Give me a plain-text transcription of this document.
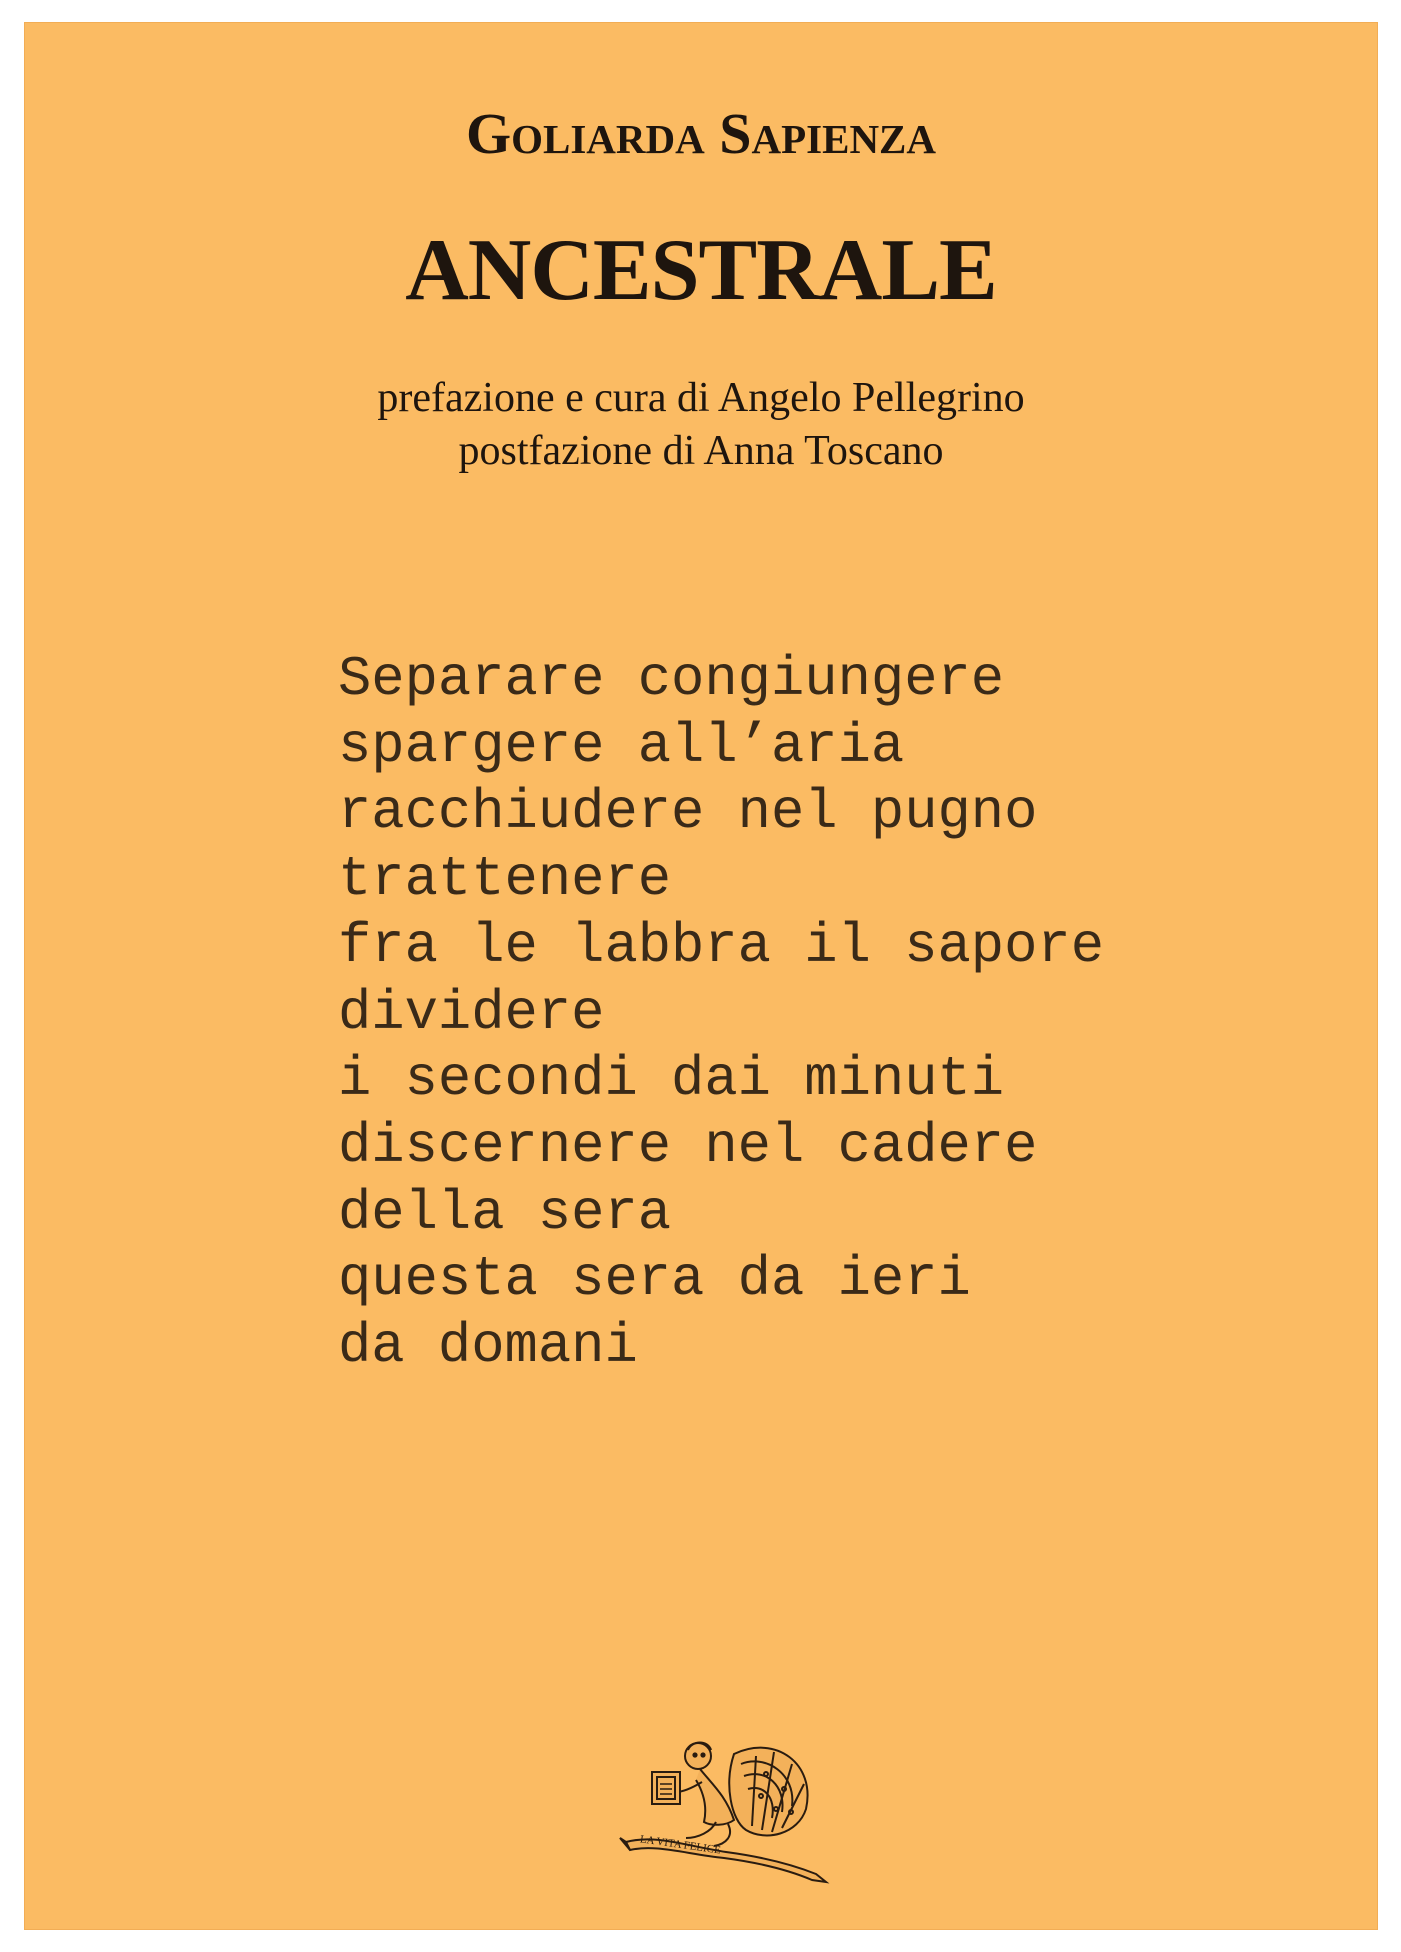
Goliarda Sapienza
ANCESTRALE
prefazione e cura di Angelo Pellegrino
postfazione di Anna Toscano
Separare congiungere
spargere all’aria
racchiudere nel pugno
trattenere
fra le labbra il sapore
dividere
i secondi dai minuti
discernere nel cadere
della sera
questa sera da ieri
da domani
LA VITA FELICE
